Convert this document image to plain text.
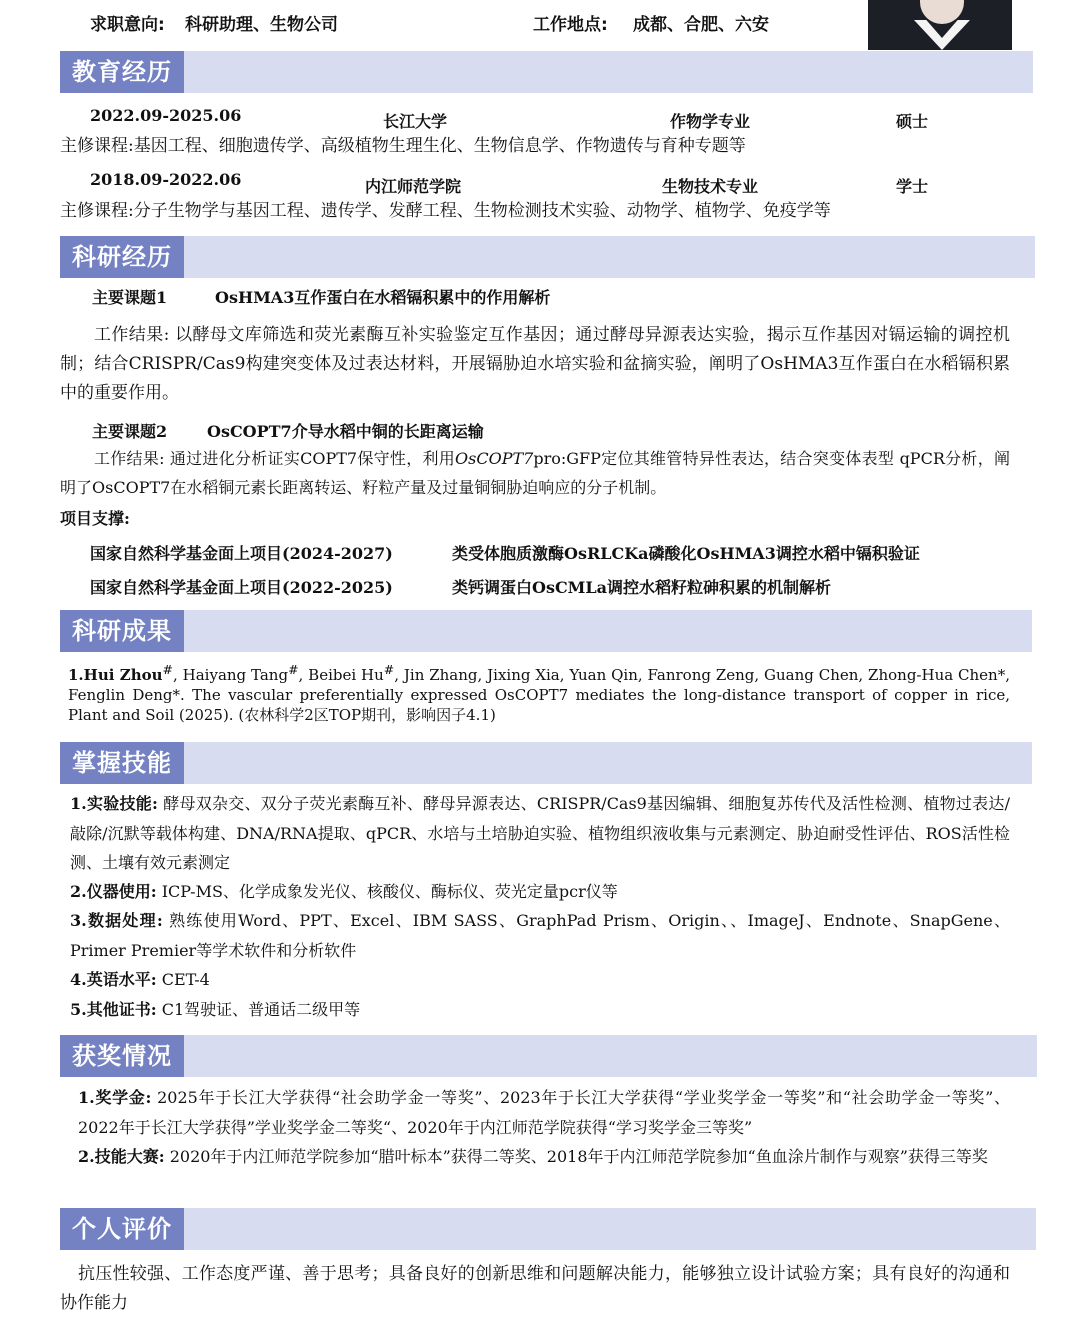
求职意向: 科研助理、生物公司	工作地点: 成都、合肥、六安
教育经历
2022.09-2025.06	长江大学	作物学专业	硕士
主修课程:基因工程、细胞遗传学、高级植物生理生化、生物信息学、作物遗传与育种专题等
2018.09-2022.06	内江师范学院	生物技术专业	学士
主修课程:分子生物学与基因工程、遗传学、发酵工程、生物检测技术实验、动物学、植物学、免疫学等
科研经历
主要课题1	OsHMA3互作蛋白在水稻镉积累中的作用解析
工作结果: 以酵母文库筛选和荧光素酶互补实验鉴定互作基因；通过酵母异源表达实验，揭示互作基因对镉运输的调控机制；结合CRISPR/Cas9构建突变体及过表达材料，开展镉胁迫水培实验和盆摘实验，阐明了OsHMA3互作蛋白在水稻镉积累中的重要作用。
主要课题2 OsCOPT7介导水稻中铜的长距离运输
工作结果: 通过进化分析证实COPT7保守性，利用OsCOPT7pro:GFP定位其维管特异性表达，结合突变体表型 qPCR分析，阐明了OsCOPT7在水稻铜元素长距离转运、籽粒产量及过量铜铜胁迫响应的分子机制。
项目支撑:
国家自然科学基金面上项目(2024-2027)	类受体胞质激酶OsRLCKa磷酸化OsHMA3调控水稻中镉积验证
国家自然科学基金面上项目(2022-2025)	类钙调蛋白OsCMLa调控水稻籽粒砷积累的机制解析
科研成果
1.Hui Zhou#, Haiyang Tang#, Beibei Hu#, Jin Zhang, Jixing Xia, Yuan Qin, Fanrong Zeng, Guang Chen, Zhong-Hua Chen*, Fenglin Deng*. The vascular preferentially expressed OsCOPT7 mediates the long-distance transport of copper in rice, Plant and Soil (2025). (农林科学2区TOP期刊，影响因子4.1)
掌握技能
1.实验技能: 酵母双杂交、双分子荧光素酶互补、酵母异源表达、CRISPR/Cas9基因编辑、细胞复苏传代及活性检测、植物过表达/敲除/沉默等载体构建、DNA/RNA提取、qPCR、水培与土培胁迫实验、植物组织液收集与元素测定、胁迫耐受性评估、ROS活性检测、土壤有效元素测定
2.仪器使用: ICP-MS、化学成象发光仪、核酸仪、酶标仪、荧光定量pcr仪等
3.数据处理: 熟练使用Word、PPT、Excel、IBM SASS、GraphPad Prism、Origin、、ImageJ、Endnote、SnapGene、Primer Premier等学术软件和分析软件
4.英语水平: CET-4
5.其他证书: C1驾驶证、普通话二级甲等
获奖情况
1.奖学金: 2025年于长江大学获得“社会助学金一等奖”、2023年于长江大学获得“学业奖学金一等奖”和“社会助学金一等奖”、2022年于长江大学获得”学业奖学金二等奖“、2020年于内江师范学院获得“学习奖学金三等奖”
2.技能大赛: 2020年于内江师范学院参加“腊叶标本”获得二等奖、2018年于内江师范学院参加“鱼血涂片制作与观察”获得三等奖
个人评价
抗压性较强、工作态度严谨、善于思考；具备良好的创新思维和问题解决能力，能够独立设计试验方案；具有良好的沟通和协作能力
